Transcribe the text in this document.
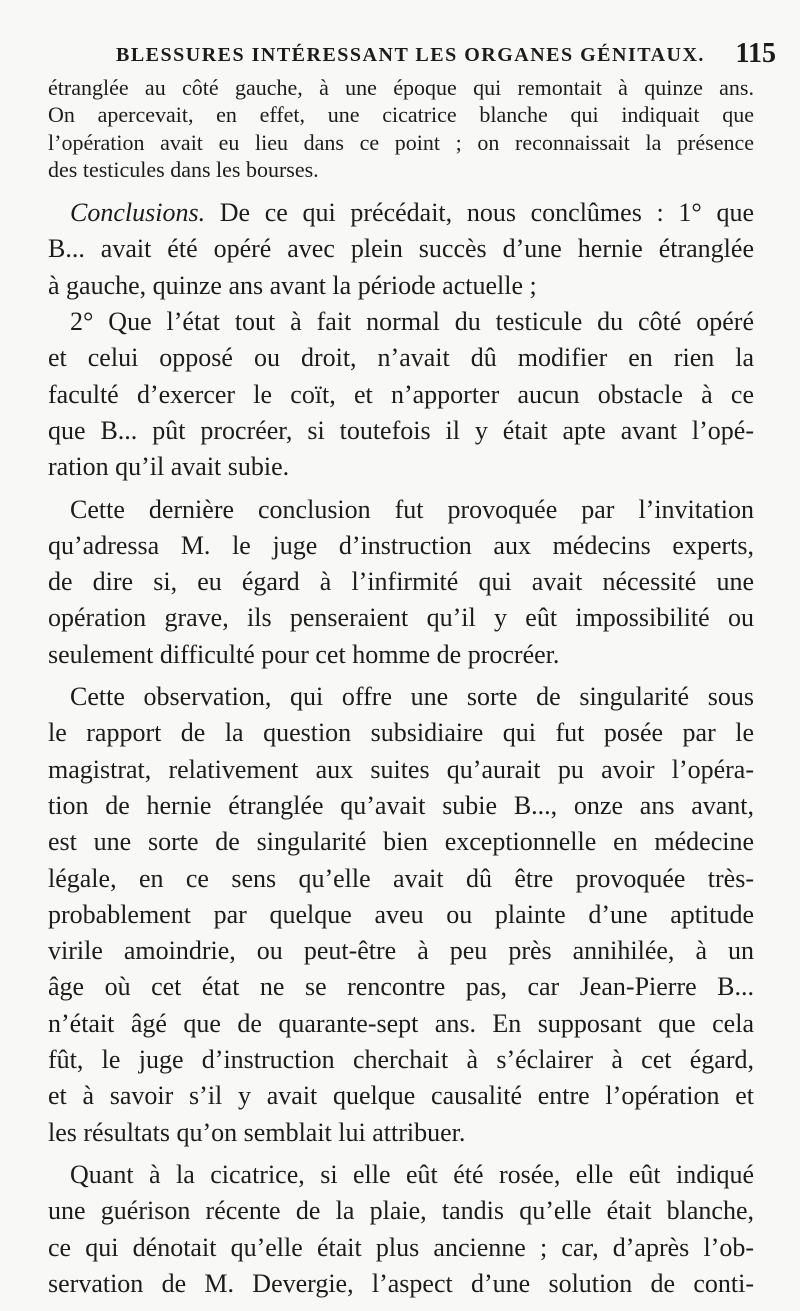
BLESSURES INTÉRESSANT LES ORGANES GÉNITAUX. 115
étranglée au côté gauche, à une époque qui remontait à quinze ans.
On apercevait, en effet, une cicatrice blanche qui indiquait que
l’opération avait eu lieu dans ce point ; on reconnaissait la présence
des testicules dans les bourses.
Conclusions. De ce qui précédait, nous conclûmes : 1° que
B... avait été opéré avec plein succès d’une hernie étranglée
à gauche, quinze ans avant la période actuelle ;
2° Que l’état tout à fait normal du testicule du côté opéré
et celui opposé ou droit, n’avait dû modifier en rien la
faculté d’exercer le coït, et n’apporter aucun obstacle à ce
que B... pût procréer, si toutefois il y était apte avant l’opé-
ration qu’il avait subie.
Cette dernière conclusion fut provoquée par l’invitation
qu’adressa M. le juge d’instruction aux médecins experts,
de dire si, eu égard à l’infirmité qui avait nécessité une
opération grave, ils penseraient qu’il y eût impossibilité ou
seulement difficulté pour cet homme de procréer.
Cette observation, qui offre une sorte de singularité sous
le rapport de la question subsidiaire qui fut posée par le
magistrat, relativement aux suites qu’aurait pu avoir l’opéra-
tion de hernie étranglée qu’avait subie B..., onze ans avant,
est une sorte de singularité bien exceptionnelle en médecine
légale, en ce sens qu’elle avait dû être provoquée très-
probablement par quelque aveu ou plainte d’une aptitude
virile amoindrie, ou peut-être à peu près annihilée, à un
âge où cet état ne se rencontre pas, car Jean-Pierre B...
n’était âgé que de quarante-sept ans. En supposant que cela
fût, le juge d’instruction cherchait à s’éclairer à cet égard,
et à savoir s’il y avait quelque causalité entre l’opération et
les résultats qu’on semblait lui attribuer.
Quant à la cicatrice, si elle eût été rosée, elle eût indiqué
une guérison récente de la plaie, tandis qu’elle était blanche,
ce qui dénotait qu’elle était plus ancienne ; car, d’après l’ob-
servation de M. Devergie, l’aspect d’une solution de conti-
